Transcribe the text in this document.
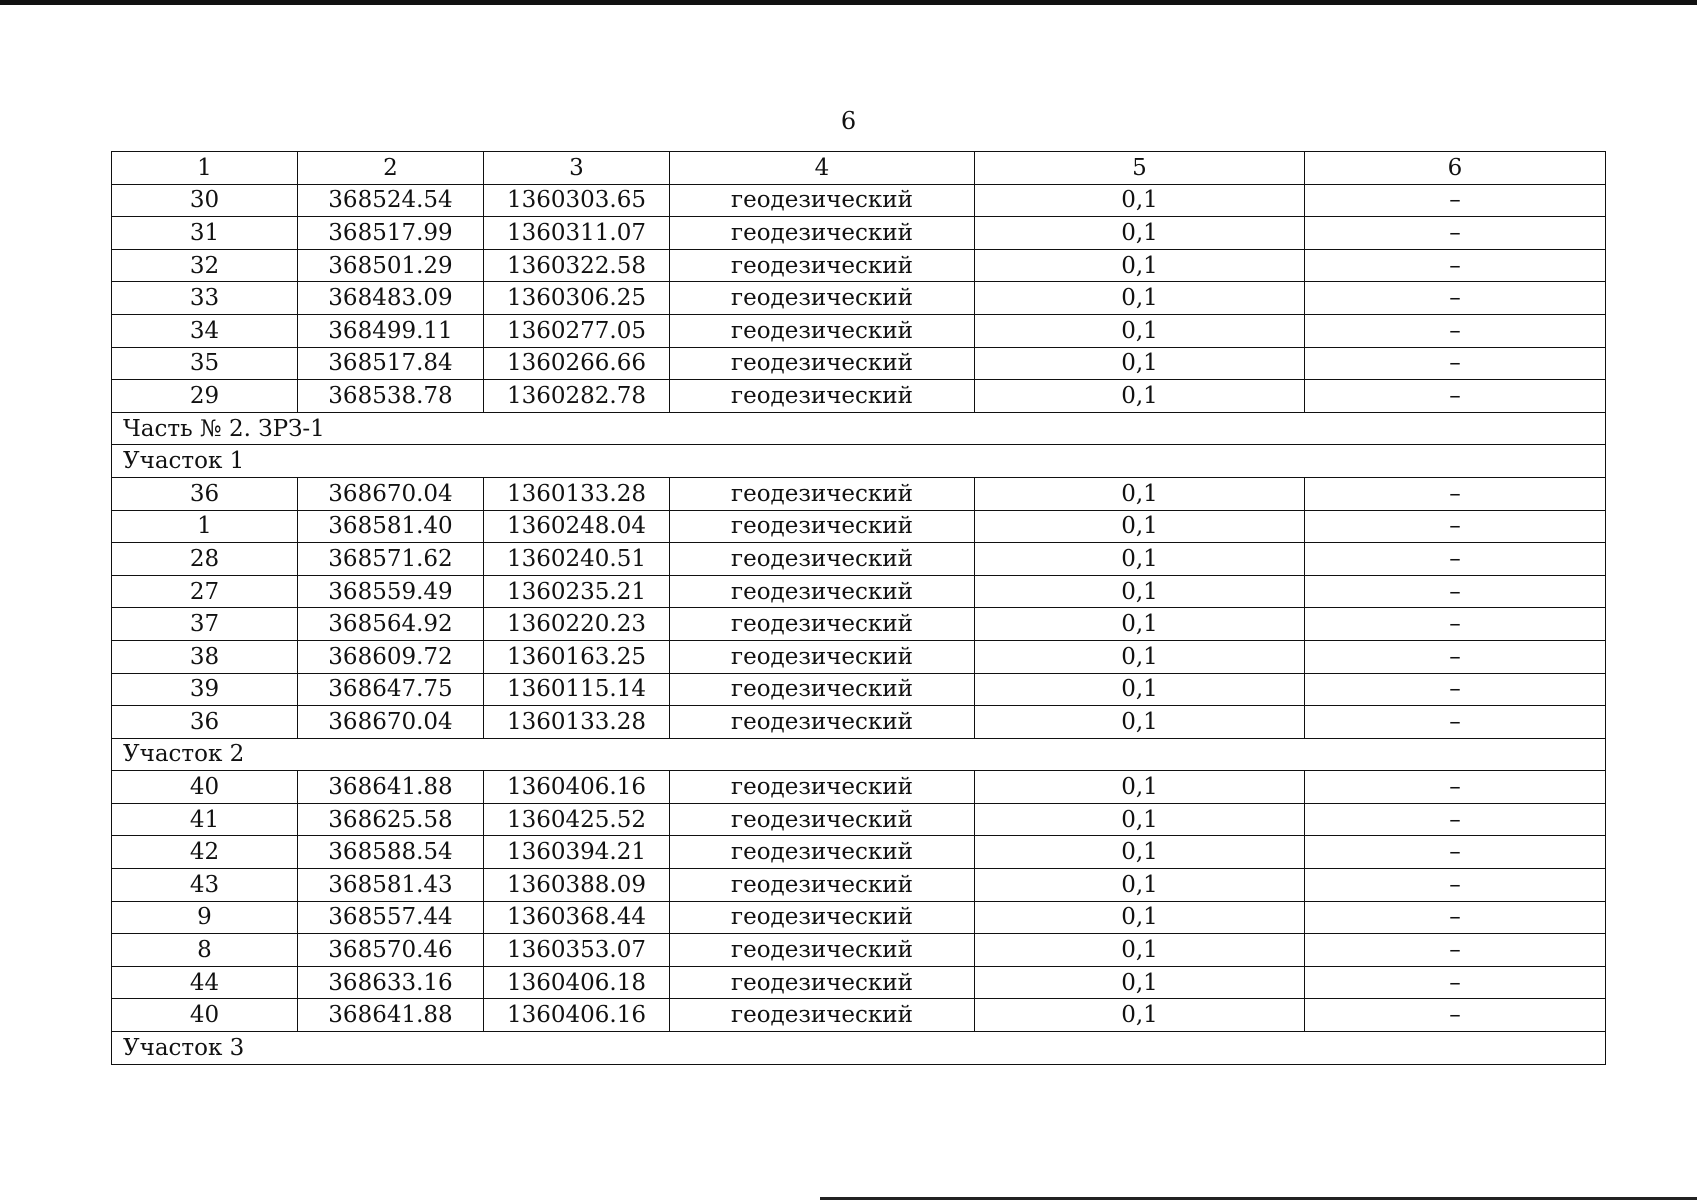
6
1	2	3	4	5	6
30	368524.54	1360303.65	геодезический	0,1	–
31	368517.99	1360311.07	геодезический	0,1	–
32	368501.29	1360322.58	геодезический	0,1	–
33	368483.09	1360306.25	геодезический	0,1	–
34	368499.11	1360277.05	геодезический	0,1	–
35	368517.84	1360266.66	геодезический	0,1	–
29	368538.78	1360282.78	геодезический	0,1	–
Часть № 2. ЗРЗ-1					
Участок 1					
36	368670.04	1360133.28	геодезический	0,1	–
1	368581.40	1360248.04	геодезический	0,1	–
28	368571.62	1360240.51	геодезический	0,1	–
27	368559.49	1360235.21	геодезический	0,1	–
37	368564.92	1360220.23	геодезический	0,1	–
38	368609.72	1360163.25	геодезический	0,1	–
39	368647.75	1360115.14	геодезический	0,1	–
36	368670.04	1360133.28	геодезический	0,1	–
Участок 2					
40	368641.88	1360406.16	геодезический	0,1	–
41	368625.58	1360425.52	геодезический	0,1	–
42	368588.54	1360394.21	геодезический	0,1	–
43	368581.43	1360388.09	геодезический	0,1	–
9	368557.44	1360368.44	геодезический	0,1	–
8	368570.46	1360353.07	геодезический	0,1	–
44	368633.16	1360406.18	геодезический	0,1	–
40	368641.88	1360406.16	геодезический	0,1	–
Участок 3					
